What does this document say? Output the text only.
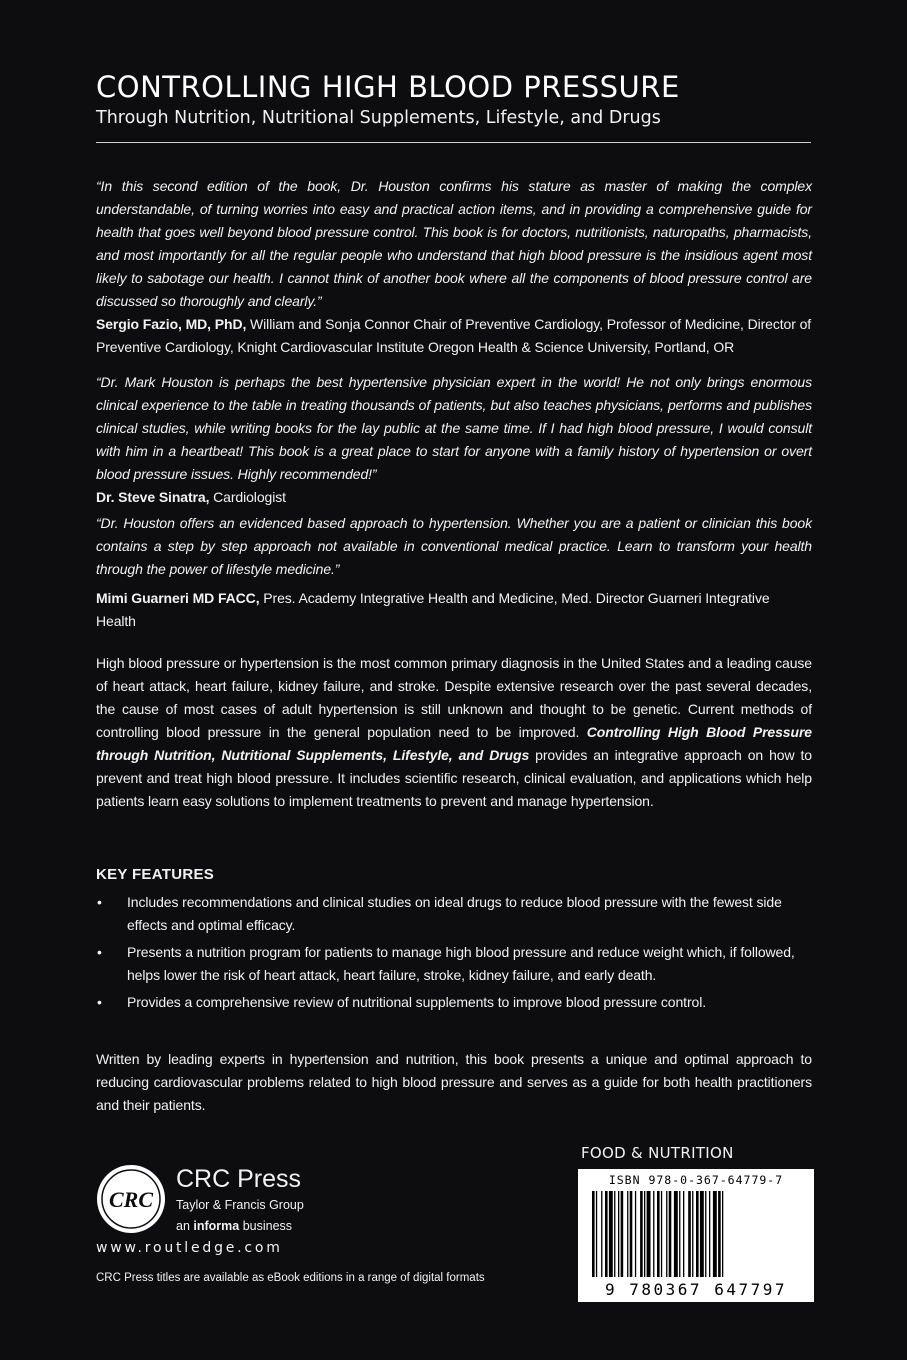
CONTROLLING HIGH BLOOD PRESSURE
Through Nutrition, Nutritional Supplements, Lifestyle, and Drugs

“In this second edition of the book, Dr. Houston confirms his stature as master of making the complex understandable, of turning worries into easy and practical action items, and in providing a comprehensive guide for health that goes well beyond blood pressure control. This book is for doctors, nutritionists, naturopaths, pharmacists, and most importantly for all the regular people who understand that high blood pressure is the insidious agent most likely to sabotage our health. I cannot think of another book where all the components of blood pressure control are discussed so thoroughly and clearly.”

Sergio Fazio, MD, PhD, William and Sonja Connor Chair of Preventive Cardiology, Professor of Medicine, Director of Preventive Cardiology, Knight Cardiovascular Institute Oregon Health & Science University, Portland, OR

“Dr. Mark Houston is perhaps the best hypertensive physician expert in the world! He not only brings enormous clinical experience to the table in treating thousands of patients, but also teaches physicians, performs and publishes clinical studies, while writing books for the lay public at the same time. If I had high blood pressure, I would consult with him in a heartbeat! This book is a great place to start for anyone with a family history of hypertension or overt blood pressure issues. Highly recommended!”

Dr. Steve Sinatra, Cardiologist

“Dr. Houston offers an evidenced based approach to hypertension. Whether you are a patient or clinician this book contains a step by step approach not available in conventional medical practice. Learn to transform your health through the power of lifestyle medicine.”

Mimi Guarneri MD FACC, Pres. Academy Integrative Health and Medicine, Med. Director Guarneri Integrative Health

High blood pressure or hypertension is the most common primary diagnosis in the United States and a leading cause of heart attack, heart failure, kidney failure, and stroke. Despite extensive research over the past several decades, the cause of most cases of adult hypertension is still unknown and thought to be genetic. Current methods of controlling blood pressure in the general population need to be improved. Controlling High Blood Pressure through Nutrition, Nutritional Supplements, Lifestyle, and Drugs provides an integrative approach on how to prevent and treat high blood pressure. It includes scientific research, clinical evaluation, and applications which help patients learn easy solutions to implement treatments to prevent and manage hypertension.

KEY FEATURES
• Includes recommendations and clinical studies on ideal drugs to reduce blood pressure with the fewest side effects and optimal efficacy.
• Presents a nutrition program for patients to manage high blood pressure and reduce weight which, if followed, helps lower the risk of heart attack, heart failure, stroke, kidney failure, and early death.
• Provides a comprehensive review of nutritional supplements to improve blood pressure control.

Written by leading experts in hypertension and nutrition, this book presents a unique and optimal approach to reducing cardiovascular problems related to high blood pressure and serves as a guide for both health practitioners and their patients.

CRC
CRC Press
Taylor & Francis Group
an informa business
www.routledge.com
CRC Press titles are available as eBook editions in a range of digital formats
FOOD & NUTRITION
ISBN 978-0-367-64779-7
9 780367 647797
